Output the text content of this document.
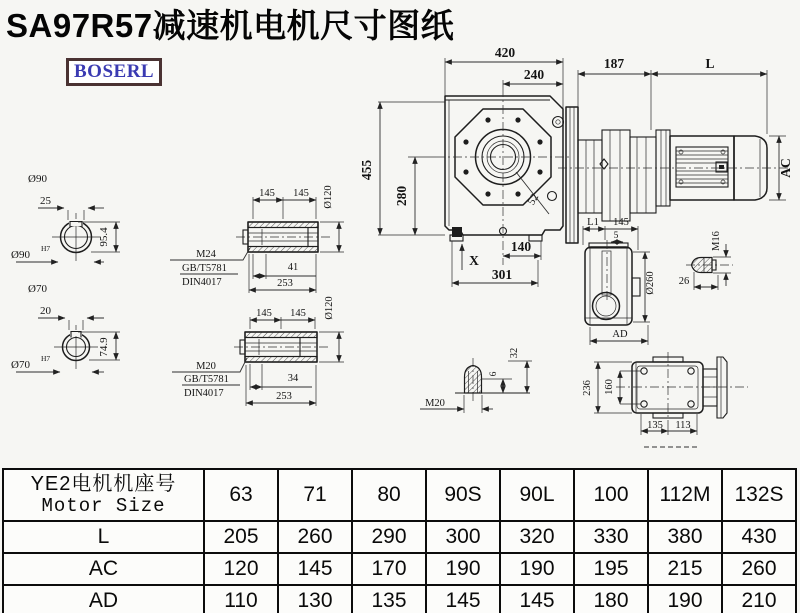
SA97R57减速机电机尺寸图纸
BOSERL
Ø90
25
95.4
Ø90
H7
Ø70
20
74.9
Ø70
H7
145 145 Ø120
M24
GB/T5781
DIN4017
41
253
145 145 Ø120
M20
GB/T5781
DIN4017
34
253
52
420
240
455
280
X
140
301
187	L
AC
L1 145
5
Ø260
AD
M16
26
M20
6
32
236 160
135 113
YE2电机机座号
Motor Size	63	71	80	90S	90L	100	112M	132S
L	205	260	290	300	320	330	380	430
AC	120	145	170	190	190	195	215	260
AD	110	130	135	145	145	180	190	210
